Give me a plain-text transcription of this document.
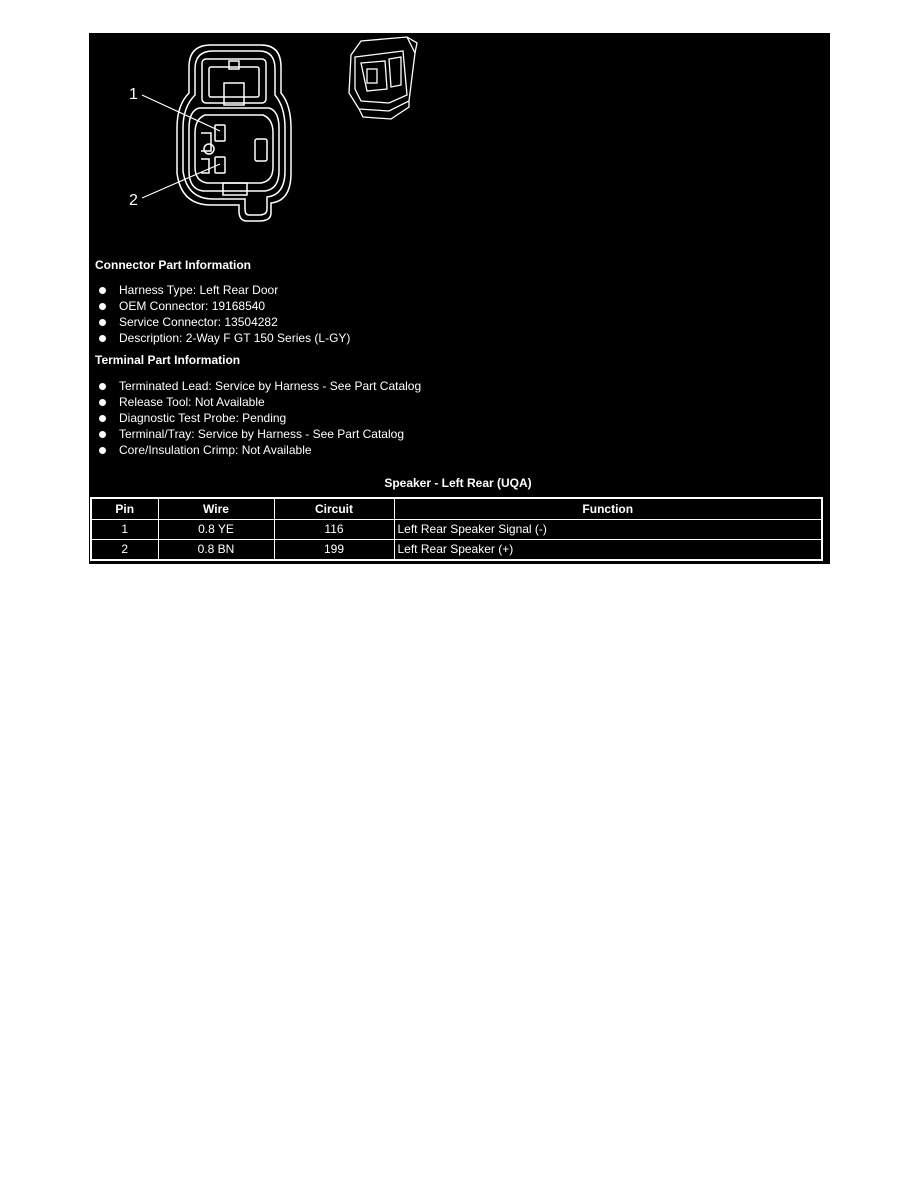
1
2
Connector Part Information
Harness Type: Left Rear Door
OEM Connector: 19168540
Service Connector: 13504282
Description: 2-Way F GT 150 Series (L-GY)
Terminal Part Information
Terminated Lead: Service by Harness - See Part Catalog
Release Tool: Not Available
Diagnostic Test Probe: Pending
Terminal/Tray: Service by Harness - See Part Catalog
Core/Insulation Crimp: Not Available

Speaker - Left Rear (UQA)

Pin	Wire	Circuit	Function
1	0.8 YE	116	Left Rear Speaker Signal (-)
2	0.8 BN	199	Left Rear Speaker (+)
